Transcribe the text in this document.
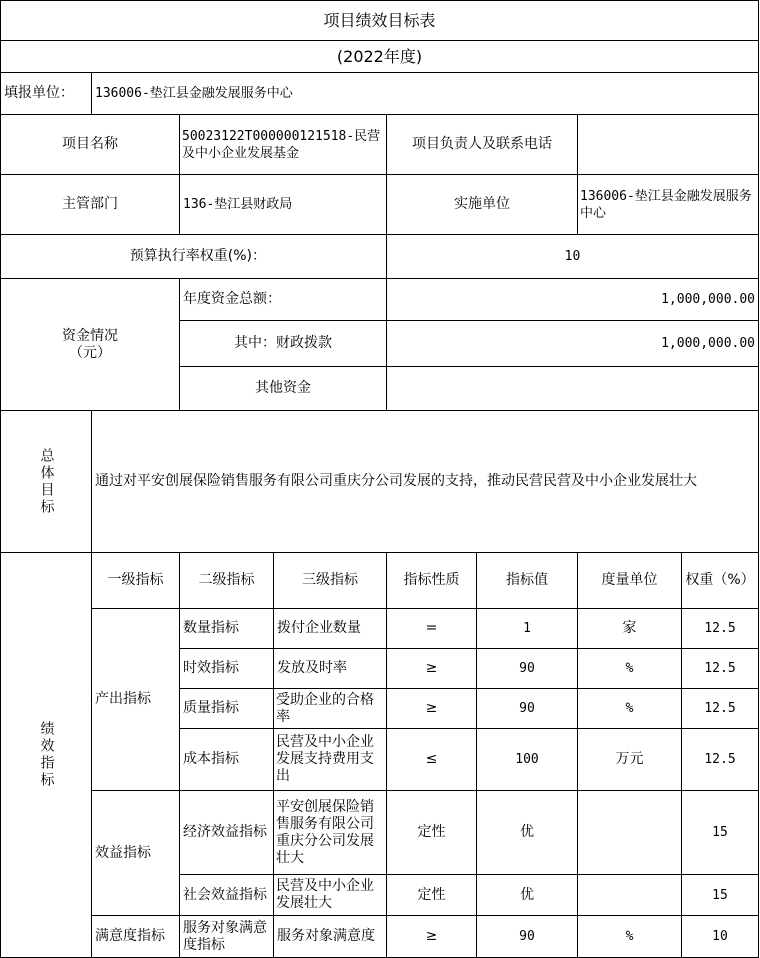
项目绩效目标表							
(2022年度)							
填报单位：	136006-垫江县金融发展服务中心						
项目名称		50023122T000000121518-民营及中小企业发展基金		项目负责人及联系电话			
主管部门		136-垫江县财政局		实施单位		136006-垫江县金融发展服务中心	
预算执行率权重(%)：				10			
资金情况
（元）		年度资金总额：		1,000,000.00			
		其中：财政拨款		1,000,000.00			
		其他资金					

总体目标	通过对平安创展保险销售服务有限公司重庆分公司发展的支持，推动民营民营及中小企业发展壮大						

绩效指标	一级指标	二级指标	三级指标	指标性质	指标值	度量单位	权重（%）
	产出指标	数量指标	拨付企业数量	=	1	家	12.5
		时效指标	发放及时率	≥	90	%	12.5
		质量指标	受助企业的合格率	≥	90	%	12.5
		成本指标	民营及中小企业发展支持费用支出	≤	100	万元	12.5
	效益指标	经济效益指标	平安创展保险销售服务有限公司重庆分公司发展壮大	定性	优		15
		社会效益指标	民营及中小企业发展壮大	定性	优		15
	满意度指标	服务对象满意度指标	服务对象满意度	≥	90	%	10
